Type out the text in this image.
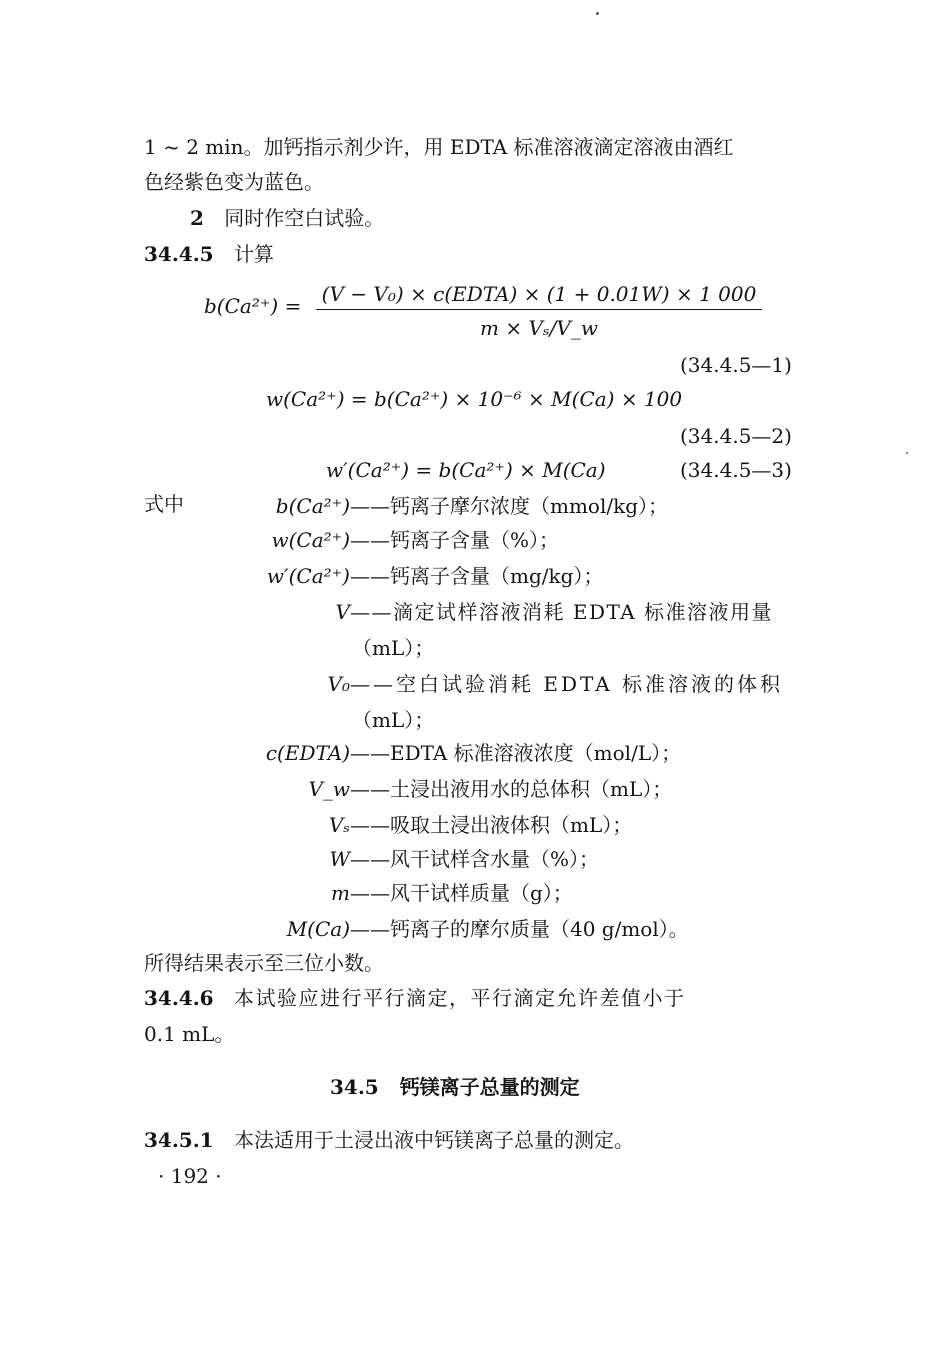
1 ~ 2 min。加钙指示剂少许，用 EDTA 标准溶液滴定溶液由酒红
色经紫色变为蓝色。
2 同时作空白试验。
34.4.5 计算
b(Ca²⁺) = (V − V₀) × c(EDTA) × (1 + 0.01W) × 1 000
m × Vₛ/V_w
(34.4.5—1)
w(Ca²⁺) = b(Ca²⁺) × 10⁻⁶ × M(Ca) × 100
(34.4.5—2)
w′(Ca²⁺) = b(Ca²⁺) × M(Ca)	(34.4.5—3)
式中	b(Ca²⁺) ——钙离子摩尔浓度（mmol/kg）；
w(Ca²⁺) ——钙离子含量（%）；
w′(Ca²⁺) ——钙离子含量（mg/kg）；
V ——滴定试样溶液消耗 EDTA 标准溶液用量
（mL）；
V₀ ——空白试验消耗 EDTA 标准溶液的体积
（mL）；
c(EDTA) ——EDTA 标准溶液浓度（mol/L）；
V_w ——土浸出液用水的总体积（mL）；
Vₛ ——吸取土浸出液体积（mL）；
W ——风干试样含水量（%）；
m ——风干试样质量（g）；
M(Ca) ——钙离子的摩尔质量（40 g/mol）。
所得结果表示至三位小数。
34.4.6 本试验应进行平行滴定，平行滴定允许差值小于
0.1 mL。
34.5 钙镁离子总量的测定
34.5.1 本法适用于土浸出液中钙镁离子总量的测定。
· 192 ·
